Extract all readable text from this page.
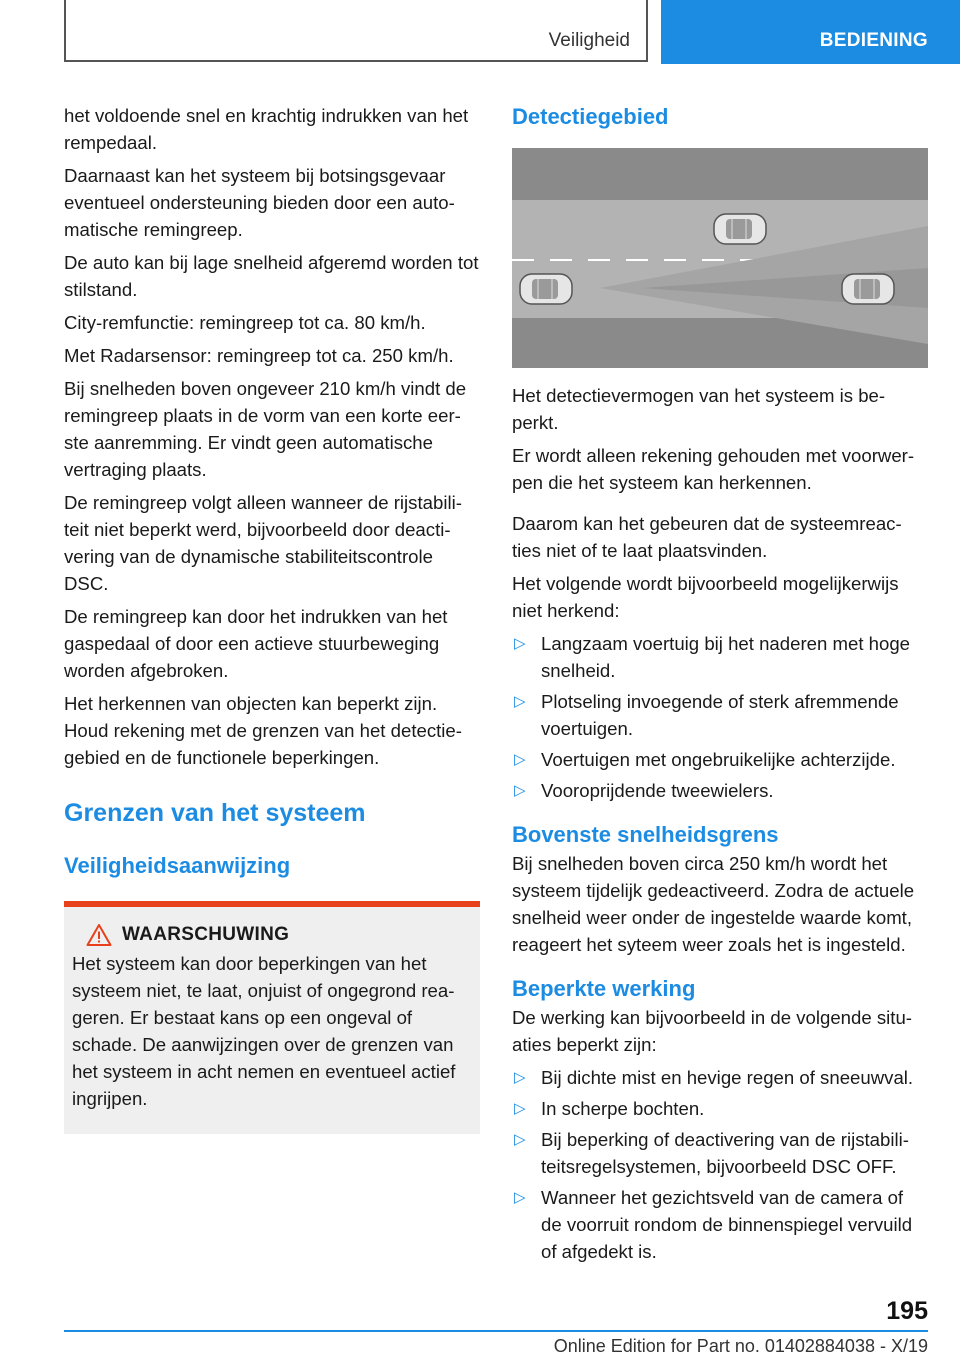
Veiligheid	BEDIENING

het voldoende snel en krachtig indrukken van het rempedaal.

Daarnaast kan het systeem bij botsingsgevaar eventueel ondersteuning bieden door een auto‐matische remingreep.

De auto kan bij lage snelheid afgeremd worden tot stilstand.

City-remfunctie: remingreep tot ca. 80 km/h.

Met Radarsensor: remingreep tot ca. 250 km/h.

Bij snelheden boven ongeveer 210 km/h vindt de remingreep plaats in de vorm van een korte eer‐ste aanremming. Er vindt geen automatische vertraging plaats.

De remingreep volgt alleen wanneer de rijstabili‐teit niet beperkt werd, bijvoorbeeld door deacti‐vering van de dynamische stabiliteitscontrole DSC.

De remingreep kan door het indrukken van het gaspedaal of door een actieve stuurbeweging worden afgebroken.

Het herkennen van objecten kan beperkt zijn. Houd rekening met de grenzen van het detectie‐gebied en de functionele beperkingen.

Grenzen van het systeem
Veiligheidsaanwijzing
WAARSCHUWING

Het systeem kan door beperkingen van het systeem niet, te laat, onjuist of ongegrond rea‐geren. Er bestaat kans op een ongeval of schade. De aanwijzingen over de grenzen van het systeem in acht nemen en eventueel actief ingrijpen.

Detectiegebied

Het detectievermogen van het systeem is be‐perkt.

Er wordt alleen rekening gehouden met voorwer‐pen die het systeem kan herkennen.

Daarom kan het gebeuren dat de systeemreac‐ties niet of te laat plaatsvinden.

Het volgende wordt bijvoorbeeld mogelijkerwijs niet herkend:

▷ Langzaam voertuig bij het naderen met hoge snelheid.
▷ Plotseling invoegende of sterk afremmende voertuigen.
▷ Voertuigen met ongebruikelijke achterzijde.
▷ Vooroprijdende tweewielers.
Bovenste snelheidsgrens

Bij snelheden boven circa 250 km/h wordt het systeem tijdelijk gedeactiveerd. Zodra de actuele snelheid weer onder de ingestelde waarde komt, reageert het syteem weer zoals het is ingesteld.

Beperkte werking

De werking kan bijvoorbeeld in de volgende situ‐aties beperkt zijn:

▷ Bij dichte mist en hevige regen of sneeuwval.
▷ In scherpe bochten.
▷ Bij beperking of deactivering van de rijstabili‐teitsregelsystemen, bijvoorbeeld DSC OFF.
▷ Wanneer het gezichtsveld van de camera of de voorruit rondom de binnenspiegel vervuild of afgedekt is.
195
Online Edition for Part no. 01402884038 - X/19
